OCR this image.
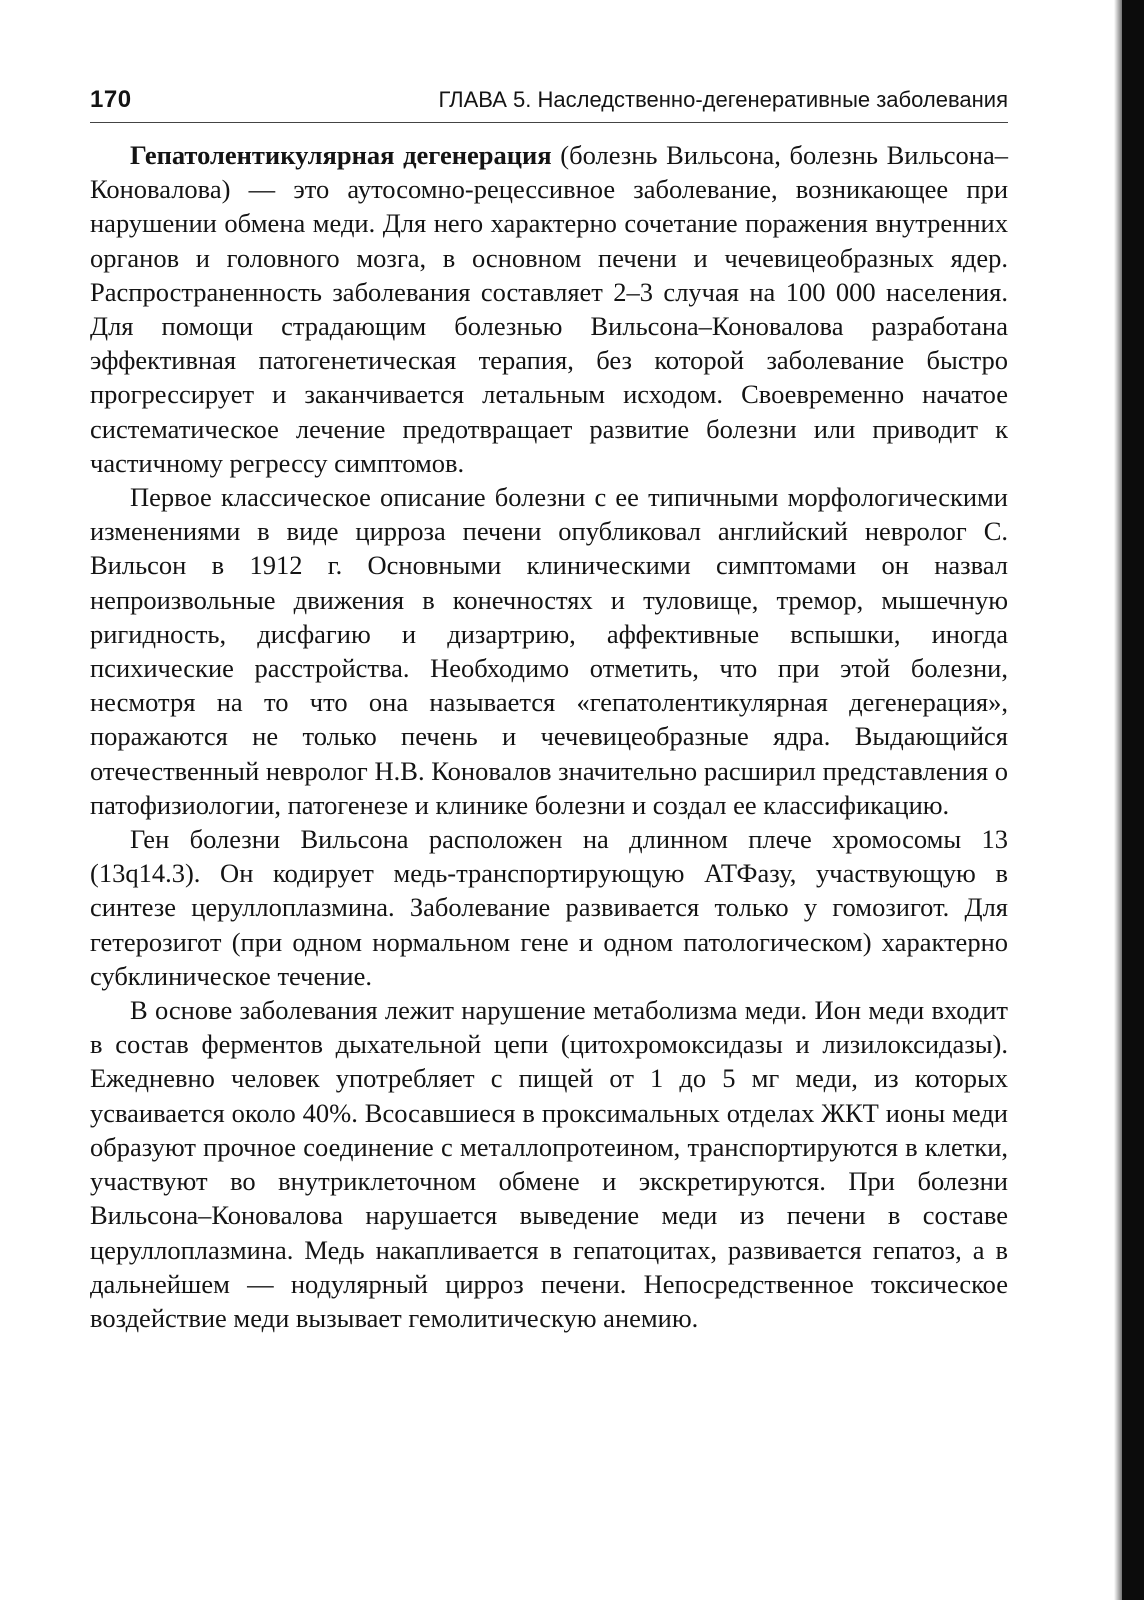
170	ГЛАВА 5. Наследственно-дегенеративные заболевания

Гепатолентикулярная дегенерация (болезнь Вильсона, болезнь Вильсона–Коновалова) — это аутосомно-рецессивное заболевание, возникающее при нарушении обмена меди. Для него характерно сочетание поражения внутренних органов и головного мозга, в основном печени и чечевицеобразных ядер. Распространенность заболевания составляет 2–3 случая на 100 000 населения. Для помощи страдающим болезнью Вильсона–Коновалова разработана эффективная патогенетическая терапия, без которой заболевание быстро прогрессирует и заканчивается летальным исходом. Своевременно начатое систематическое лечение предотвращает развитие болезни или приводит к частичному регрессу симптомов.

Первое классическое описание болезни с ее типичными морфологическими изменениями в виде цирроза печени опубликовал английский невролог С. Вильсон в 1912 г. Основными клиническими симптомами он назвал непроизвольные движения в конечностях и туловище, тремор, мышечную ригидность, дисфагию и дизартрию, аффективные вспышки, иногда психические расстройства. Необходимо отметить, что при этой болезни, несмотря на то что она называется «гепатолентикулярная дегенерация», поражаются не только печень и чечевицеобразные ядра. Выдающийся отечественный невролог Н.В. Коновалов значительно расширил представления о патофизиологии, патогенезе и клинике болезни и создал ее классификацию.

Ген болезни Вильсона расположен на длинном плече хромосомы 13 (13q14.3). Он кодирует медь-транспортирующую АТФазу, участвующую в синтезе церуллоплазмина. Заболевание развивается только у гомозигот. Для гетерозигот (при одном нормальном гене и одном патологическом) характерно субклиническое течение.

В основе заболевания лежит нарушение метаболизма меди. Ион меди входит в состав ферментов дыхательной цепи (цитохромоксидазы и лизилоксидазы). Ежедневно человек употребляет с пищей от 1 до 5 мг меди, из которых усваивается около 40%. Всосавшиеся в проксимальных отделах ЖКТ ионы меди образуют прочное соединение с металлопротеином, транспортируются в клетки, участвуют во внутриклеточном обмене и экскретируются. При болезни Вильсона–Коновалова нарушается выведение меди из печени в составе церуллоплазмина. Медь накапливается в гепатоцитах, развивается гепатоз, а в дальнейшем — нодулярный цирроз печени. Непосредственное токсическое воздействие меди вызывает гемолитическую анемию.
